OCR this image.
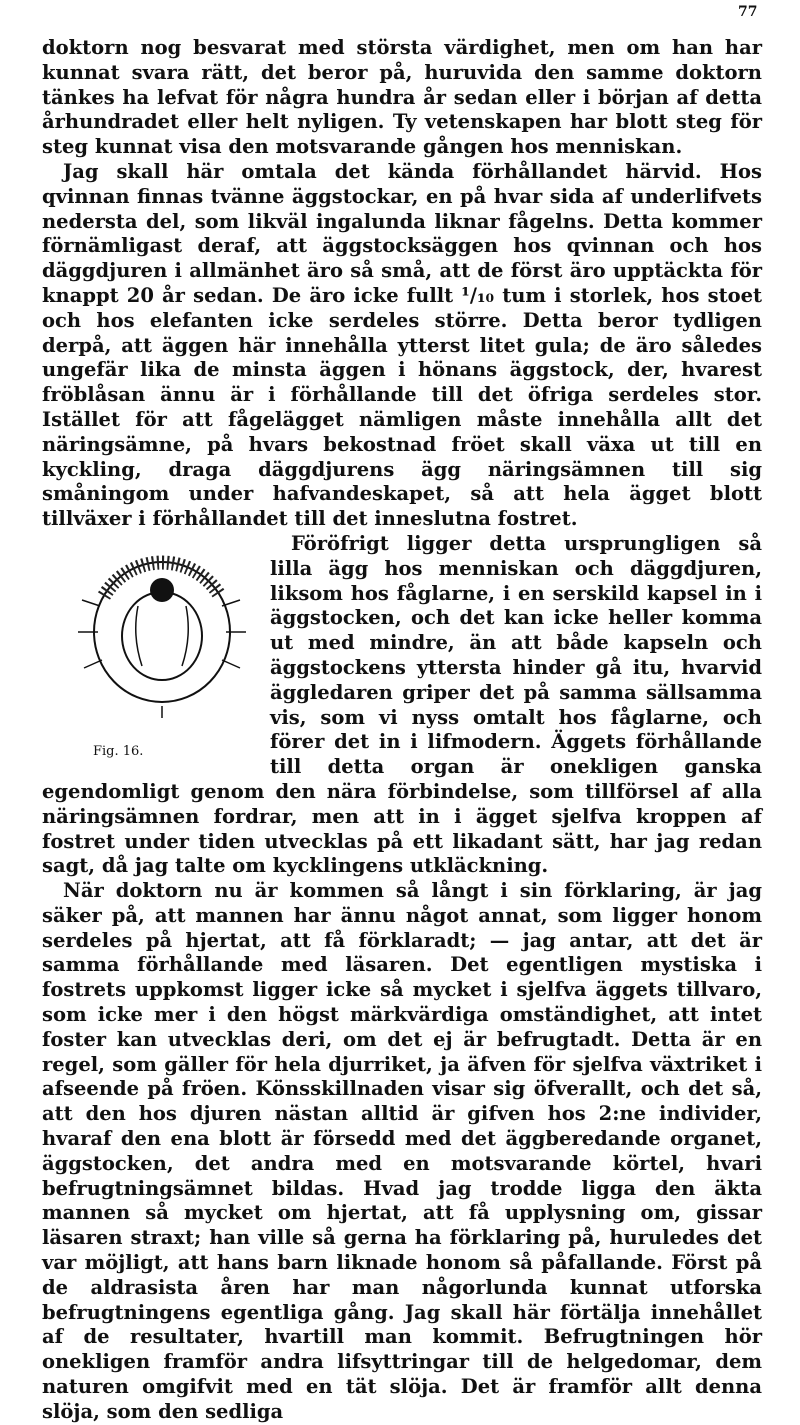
77

doktorn nog besvarat med största värdighet, men om han har kunnat svara rätt, det beror på, huruvida den samme doktorn tänkes ha lefvat för några hundra år sedan eller i början af detta århundradet eller helt nyligen. Ty vetenskapen har blott steg för steg kunnat visa den motsvarande gången hos menniskan.

Jag skall här omtala det kända förhållandet härvid. Hos qvinnan finnas tvänne äggstockar, en på hvar sida af underlifvets nedersta del, som likväl ingalunda liknar fågelns. Detta kommer förnämligast deraf, att äggstocksäggen hos qvinnan och hos däggdjuren i allmänhet äro så små, att de först äro upptäckta för knappt 20 år sedan. De äro icke fullt ¹/₁₀ tum i storlek, hos stoet och hos elefanten icke serdeles större. Detta beror tydligen derpå, att äggen här innehålla ytterst litet gula; de äro således ungefär lika de minsta äggen i hönans äggstock, der, hvarest fröblåsan ännu är i förhållande till det öfriga serdeles stor. Istället för att fågelägget nämligen måste innehålla allt det näringsämne, på hvars bekostnad fröet skall växa ut till en kyckling, draga däggdjurens ägg näringsämnen till sig småningom under hafvandeskapet, så att hela ägget blott tillväxer i förhållandet till det inneslutna fostret.

Fig. 16.
Föröfrigt ligger detta ursprungligen så lilla ägg hos menniskan och däggdjuren, liksom hos fåglarne, i en serskild kapsel in i äggstocken, och det kan icke heller komma ut med mindre, än att både kapseln och äggstockens yttersta hinder gå itu, hvarvid äggledaren griper det på samma sällsamma vis, som vi nyss omtalt hos fåglarne, och förer det in i lifmodern. Äggets förhållande till detta organ är onekligen ganska egendomligt genom den nära förbindelse, som tillförsel af alla näringsämnen fordrar, men att in i ägget sjelfva kroppen af fostret under tiden utvecklas på ett likadant sätt, har jag redan sagt, då jag talte om kycklingens utkläckning.

När doktorn nu är kommen så långt i sin förklaring, är jag säker på, att mannen har ännu något annat, som ligger honom serdeles på hjertat, att få förklaradt; — jag antar, att det är samma förhållande med läsaren. Det egentligen mystiska i fostrets uppkomst ligger icke så mycket i sjelfva äggets tillvaro, som icke mer i den högst märkvärdiga omständighet, att intet foster kan utvecklas deri, om det ej är befrugtadt. Detta är en regel, som gäller för hela djurriket, ja äfven för sjelfva växtriket i afseende på fröen. Könsskillnaden visar sig öfverallt, och det så, att den hos djuren nästan alltid är gifven hos 2:ne individer, hvaraf den ena blott är försedd med det äggberedande organet, äggstocken, det andra med en motsvarande körtel, hvari befrugtningsämnet bildas. Hvad jag trodde ligga den äkta mannen så mycket om hjertat, att få upplysning om, gissar läsaren straxt; han ville så gerna ha förklaring på, huruledes det var möjligt, att hans barn liknade honom så påfallande. Först på de aldrasista åren har man någorlunda kunnat utforska befrugtningens egentliga gång. Jag skall här förtälja innehållet af de resultater, hvartill man kommit. Befrugtningen hör onekligen framför andra lifsyttringar till de helgedomar, dem naturen omgifvit med en tät slöja. Det är framför allt denna slöja, som den sedliga
